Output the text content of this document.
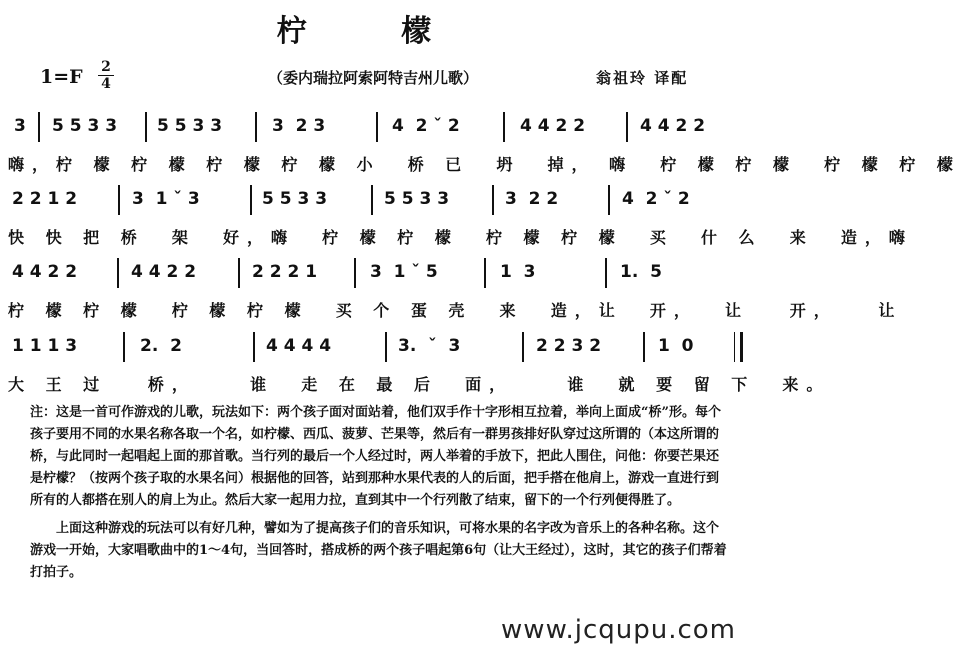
柠 檬
1=F 2
4	（委内瑞拉阿索阿特吉州儿歌）	翁祖玲 译配
3 5 5 3 3 5 5 3 3	3  2 3	4  2 ˇ 2	4 4 2 2	4 4 2 2
嗨，柠 檬 柠 檬 柠 檬 柠 檬 小  桥 已  坍  掉， 嗨  柠 檬 柠 檬  柠 檬 柠 檬
2 2 1 2	3  1 ˇ 3	5 5 3 3	5 5 3 3	3  2 2	4  2 ˇ 2
快 快 把 桥  架  好，嗨  柠 檬 柠 檬  柠 檬 柠 檬  买  什 么  来  造，嗨
4 4 2 2	4 4 2 2	2 2 2 1	3  1 ˇ 5	1  3	1.  5
柠 檬 柠 檬  柠 檬 柠 檬  买 个 蛋 壳  来  造，让  开，  让   开，   让
1 1 1 3	2.  2	4 4 4 4	3.  ˇ  3	2 2 3 2	1  0
大 王 过   桥，    谁  走 在 最 后  面，    谁  就 要 留 下  来。

注：这是一首可作游戏的儿歌，玩法如下：两个孩子面对面站着，他们双手作十字形相互拉着，举向上面成“桥”形。每个孩子要用不同的水果名称各取一个名，如柠檬、西瓜、菠萝、芒果等，然后有一群男孩排好队穿过这所谓的（本这所谓的桥，与此同时一起唱起上面的那首歌。当行列的最后一个人经过时，两人举着的手放下，把此人围住，问他：你要芒果还是柠檬？（按两个孩子取的水果名问）根据他的回答，站到那种水果代表的人的后面，把手搭在他肩上，游戏一直进行到所有的人都搭在别人的肩上为止。然后大家一起用力拉，直到其中一个行列散了结束，留下的一个行列便得胜了。

上面这种游戏的玩法可以有好几种，譬如为了提高孩子们的音乐知识，可将水果的名字改为音乐上的各种名称。这个游戏一开始，大家唱歌曲中的1～4句，当回答时，搭成桥的两个孩子唱起第6句（让大王经过），这时，其它的孩子们帮着打拍子。

www.jcqupu.com
